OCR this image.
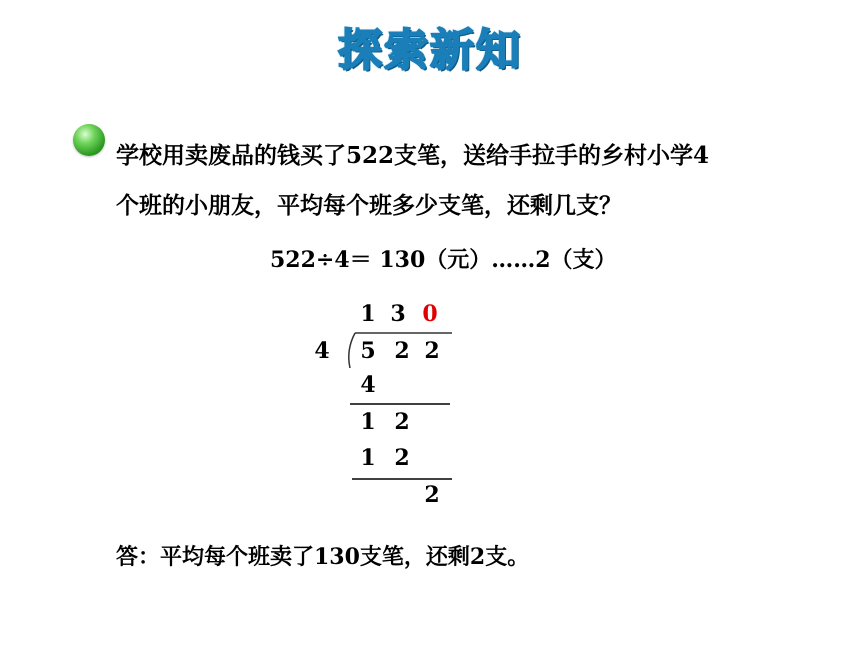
探索新知
学校用卖废品的钱买了522支笔，送给手拉手的乡村小学4
个班的小朋友，平均每个班多少支笔，还剩几支？
522÷4＝ 130（元）……2（支）
1 3 0
4 5 2 2
4
1 2
1 2
2
答：平均每个班卖了130支笔，还剩2支。
